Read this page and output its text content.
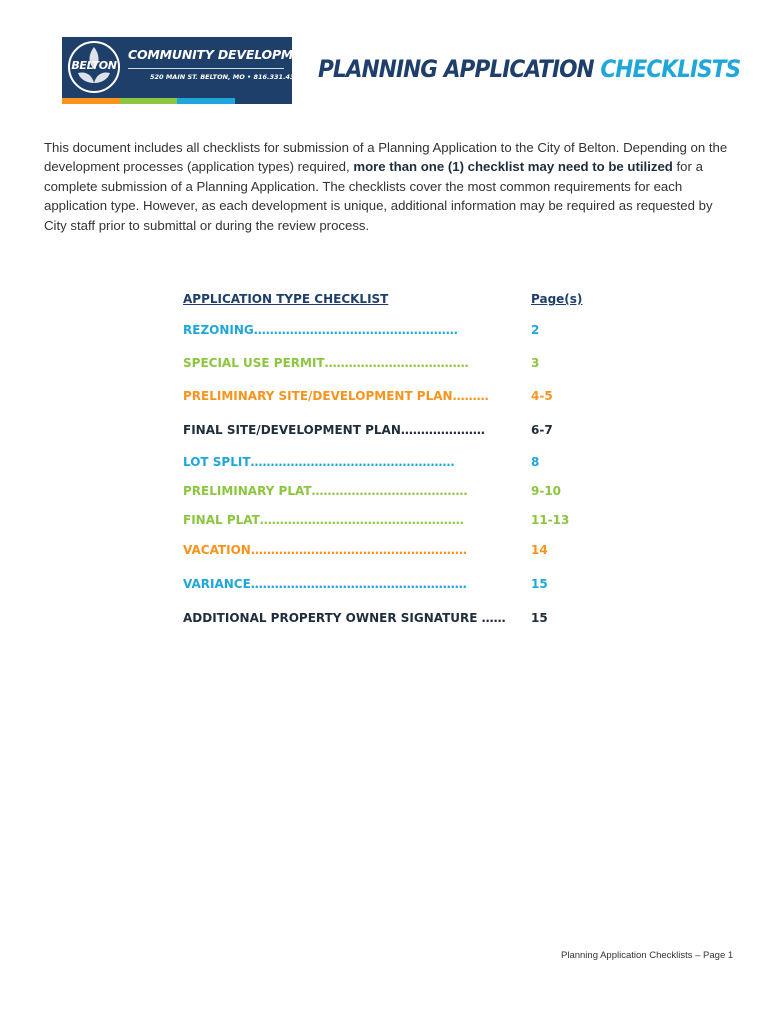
BELTON
COMMUNITY DEVELOPMENT
520 MAIN ST. BELTON, MO • 816.331.4331 PLANNING APPLICATION CHECKLISTS

This document includes all checklists for submission of a Planning Application to the City of Belton. Depending on the development processes (application types) required, more than one (1) checklist may need to be utilized for a complete submission of a Planning Application. The checklists cover the most common requirements for each application type. However, as each development is unique, additional information may be required as requested by City staff prior to submittal or during the review process.

APPLICATION TYPE CHECKLIST	Page(s)
REZONING……………………………………………	2
SPECIAL USE PERMIT………………………………	3
PRELIMINARY SITE/DEVELOPMENT PLAN………	4-5
FINAL SITE/DEVELOPMENT PLAN…………………	6-7
LOT SPLIT……………………………………………	8
PRELIMINARY PLAT…………………………………	9-10
FINAL PLAT……………………………………………	11-13
VACATION………………………………………………	14
VARIANCE………………………………………………	15
ADDITIONAL PROPERTY OWNER SIGNATURE …… 15
Planning Application Checklists – Page 1
